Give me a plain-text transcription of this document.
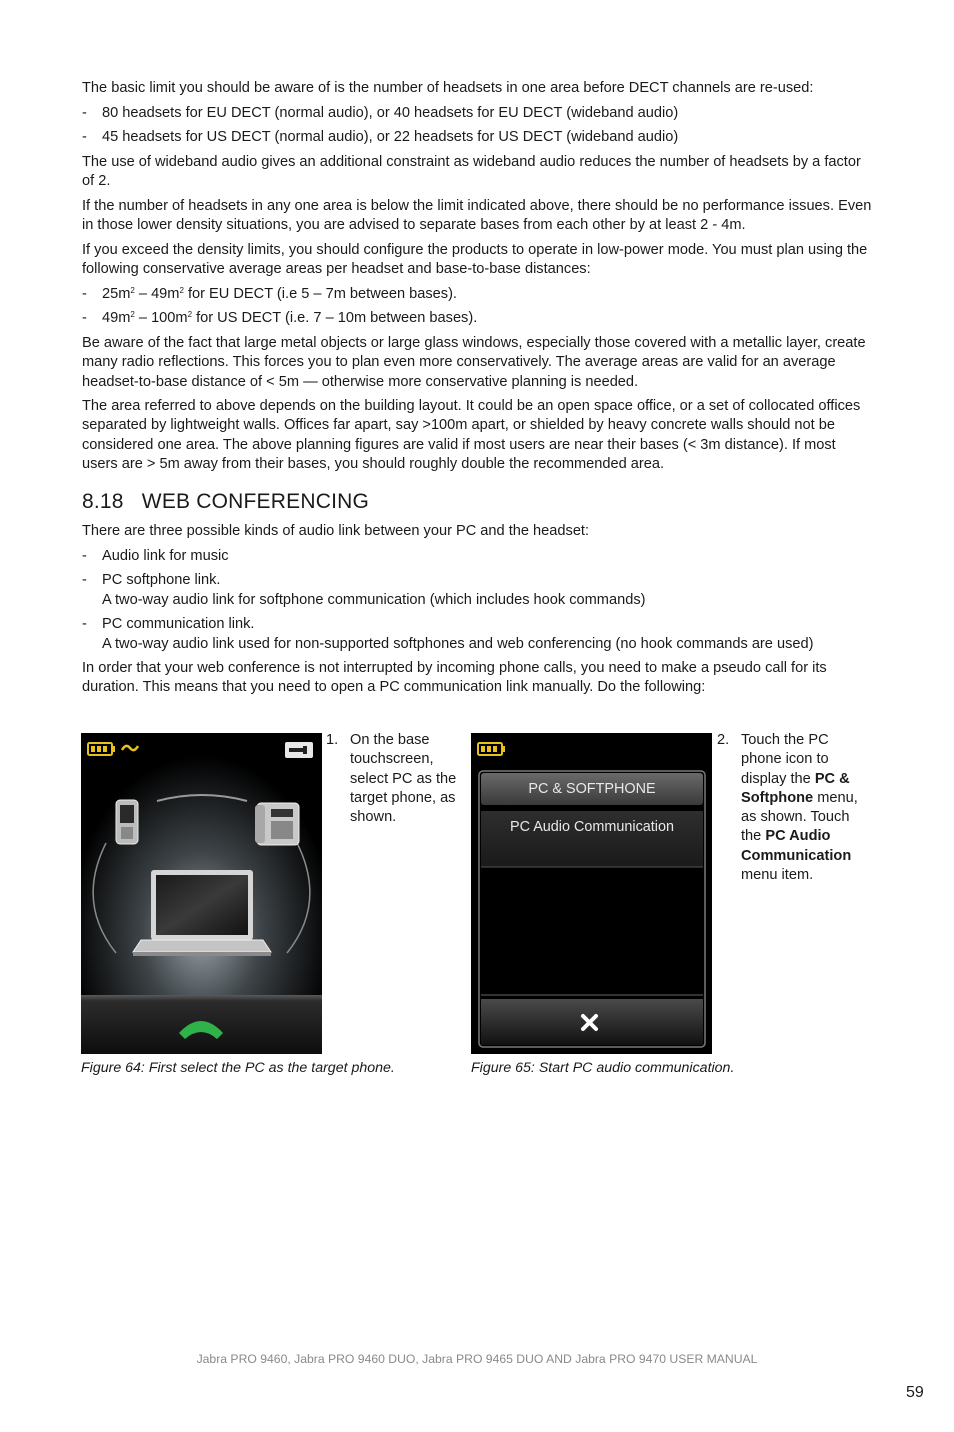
The basic limit you should be aware of is the number of headsets in one area before DECT channels are re-used:

- 80 headsets for EU DECT (normal audio), or 40 headsets for EU DECT (wideband audio)
- 45 headsets for US DECT (normal audio), or 22 headsets for US DECT (wideband audio)

The use of wideband audio gives an additional constraint as wideband audio reduces the number of headsets by a factor of 2.

If the number of headsets in any one area is below the limit indicated above, there should be no performance issues. Even in those lower density situations, you are advised to separate bases from each other by at least 2 - 4m.

If you exceed the density limits, you should configure the products to operate in low-power mode. You must plan using the following conservative average areas per headset and base-to-base distances:

- $25m^2 - 49m^2$ for EU DECT (i.e 5 – 7m between bases).
- $49m^2 - 100m^2$ for US DECT (i.e. 7 – 10m between bases).

Be aware of the fact that large metal objects or large glass windows, especially those covered with a metallic layer, create many radio reflections. This forces you to plan even more conservatively. The average areas are valid for an average headset-to-base distance of < 5m — otherwise more conservative planning is needed.

The area referred to above depends on the building layout. It could be an open space office, or a set of collocated offices separated by lightweight walls. Offices far apart, say >100m apart, or shielded by heavy concrete walls should not be considered one area. The above planning figures are valid if most users are near their bases (< 3m distance). If most users are > 5m away from their bases, you should roughly double the recommended area.

8.18 WEB CONFERENCING

There are three possible kinds of audio link between your PC and the headset:

- Audio link for music
- PC softphone link.
A two-way audio link for softphone communication (which includes hook commands)
- PC communication link.
A two-way audio link used for non-supported softphones and web conferencing (no hook commands are used)

In order that your web conference is not interrupted by incoming phone calls, you need to make a pseudo call for its duration. This means that you need to open a PC communication link manually. Do the following:

1. On the base touchscreen, select PC as the target phone, as shown.
Figure 64: First select the PC as the target phone.
PC & SOFTPHONE
PC Audio Communication
2. Touch the PC phone icon to display the PC & Softphone menu, as shown. Touch the PC Audio Communication menu item.
Figure 65: Start PC audio communication.
Jabra PRO 9460, Jabra PRO 9460 DUO, Jabra PRO 9465 DUO AND Jabra PRO 9470 USER MANUAL
59
